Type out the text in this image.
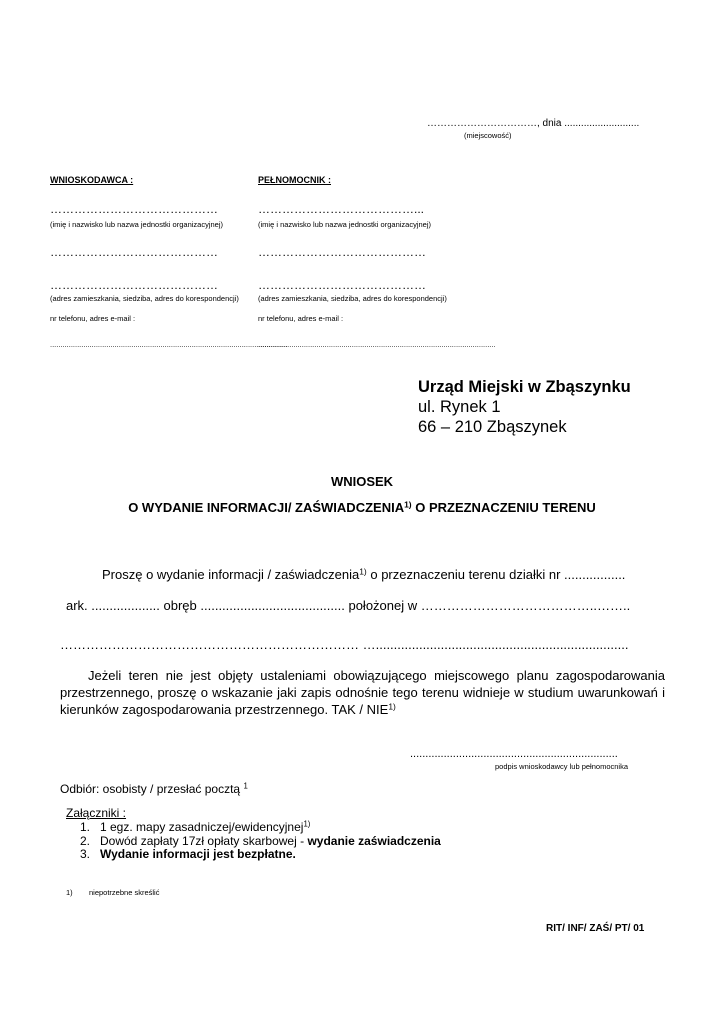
……………………………, dnia ...........................
(miejscowość)
WNIOSKODAWCA :
……………………………………
(imię i nazwisko lub nazwa jednostki organizacyjnej)
……………………………………
……………………………………
(adres zamieszkania, siedziba, adres do korespondencji)
nr telefonu, adres e-mail :
..................................................................................................................
PEŁNOMOCNIK :
…………………………………...
(imię i nazwisko lub nazwa jednostki organizacyjnej)
……………………………………
……………………………………
(adres zamieszkania, siedziba, adres do korespondencji)
nr telefonu, adres e-mail :
..................................................................................................................
Urząd Miejski w Zbąszynku
ul. Rynek 1
66 – 210 Zbąszynek
WNIOSEK
O WYDANIE INFORMACJI/ ZAŚWIADCZENIA$^{1)}$ O PRZEZNACZENIU TERENU
Proszę o wydanie informacji / zaświadczenia$^{1)}$ o przeznaczeniu terenu działki nr .................
ark. ................... obręb ........................................ położonej w …………………………………..……..
…………………………………………………………… …......................................................................
Jeżeli teren nie jest objęty ustaleniami obowiązującego miejscowego planu zagospodarowania przestrzennego, proszę o wskazanie jaki zapis odnośnie tego terenu widnieje w studium uwarunkowań i kierunków zagospodarowania przestrzennego. TAK / NIE$^{1)}$
....................................................................
podpis wnioskodawcy lub pełnomocnika
Odbiór: osobisty / przesłać pocztą $^1$
Załączniki :
1. 1 egz. mapy zasadniczej/ewidencyjnej$^{1)}$
2. Dowód zapłaty 17zł opłaty skarbowej - wydanie zaświadczenia
3. Wydanie informacji jest bezpłatne.
1) niepotrzebne skreślić
RIT/ INF/ ZAŚ/ PT/ 01
